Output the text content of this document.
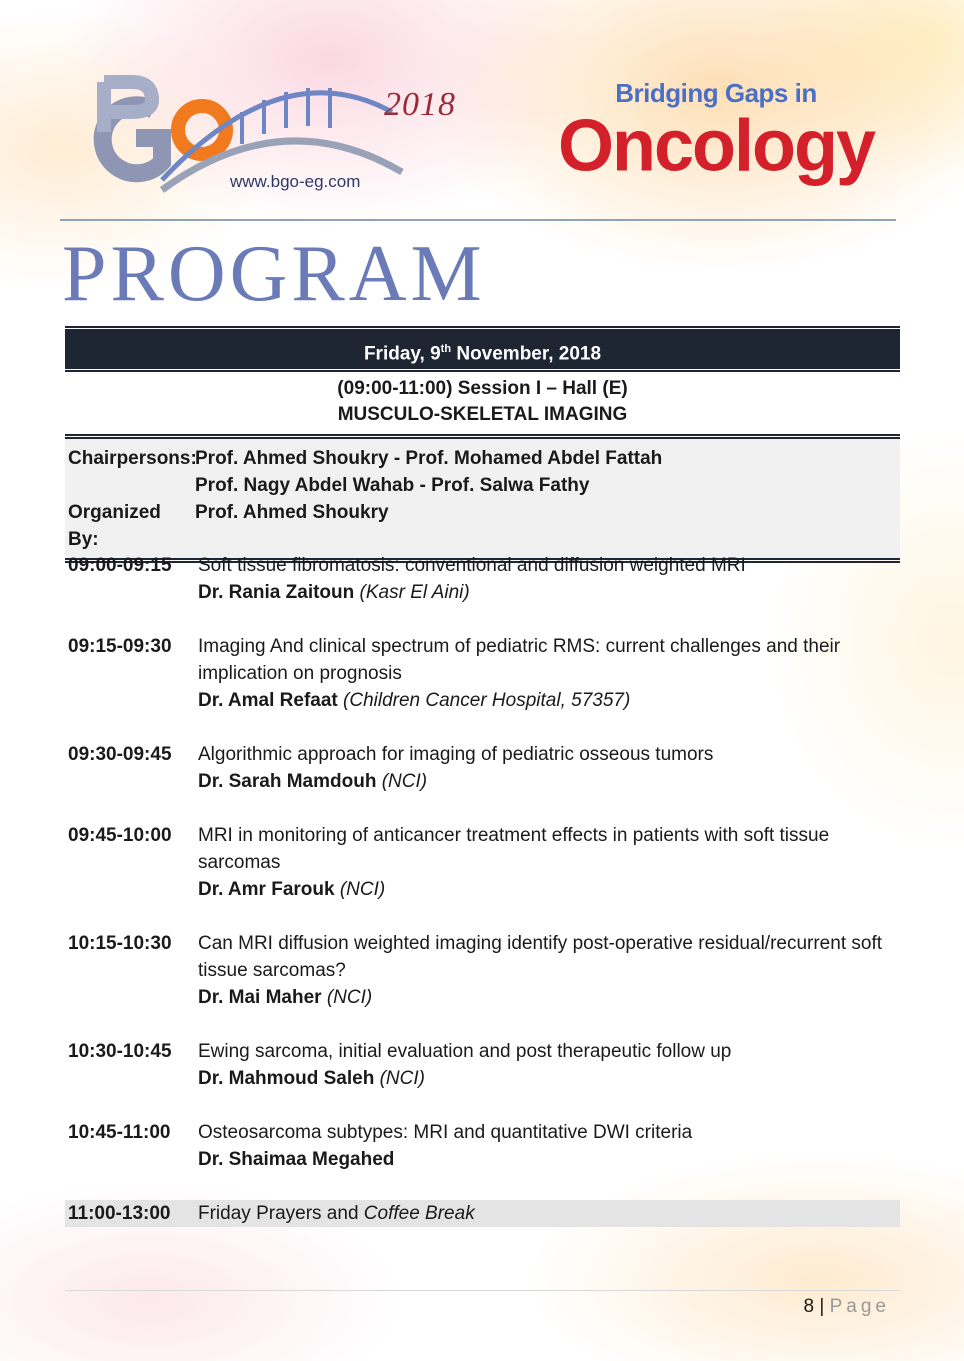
2018
www.bgo-eg.com
Bridging Gaps in
Oncology
PROGRAM
Friday, 9th November, 2018
(09:00-11:00) Session I – Hall (E)
MUSCULO-SKELETAL IMAGING
Chairpersons:
Prof. Ahmed Shoukry - Prof. Mohamed Abdel Fattah
Prof. Nagy Abdel Wahab - Prof. Salwa Fathy
Organized By:
Prof. Ahmed Shoukry
09:00-09:15	Soft tissue fibromatosis: conventional and diffusion weighted MRI
Dr. Rania Zaitoun (Kasr El Aini)
09:15-09:30	Imaging And clinical spectrum of pediatric RMS: current challenges and their implication on prognosis
Dr. Amal Refaat (Children Cancer Hospital, 57357)
09:30-09:45	Algorithmic approach for imaging of pediatric osseous tumors
Dr. Sarah Mamdouh (NCI)
09:45-10:00	MRI in monitoring of anticancer treatment effects in patients with soft tissue sarcomas
Dr. Amr Farouk (NCI)
10:15-10:30	Can MRI diffusion weighted imaging identify post-operative residual/recurrent soft tissue sarcomas?
Dr. Mai Maher (NCI)
10:30-10:45	Ewing sarcoma, initial evaluation and post therapeutic follow up
Dr. Mahmoud Saleh (NCI)
10:45-11:00	Osteosarcoma subtypes: MRI and quantitative DWI criteria
Dr. Shaimaa Megahed
11:00-13:00	Friday Prayers and Coffee Break
8 | Page
